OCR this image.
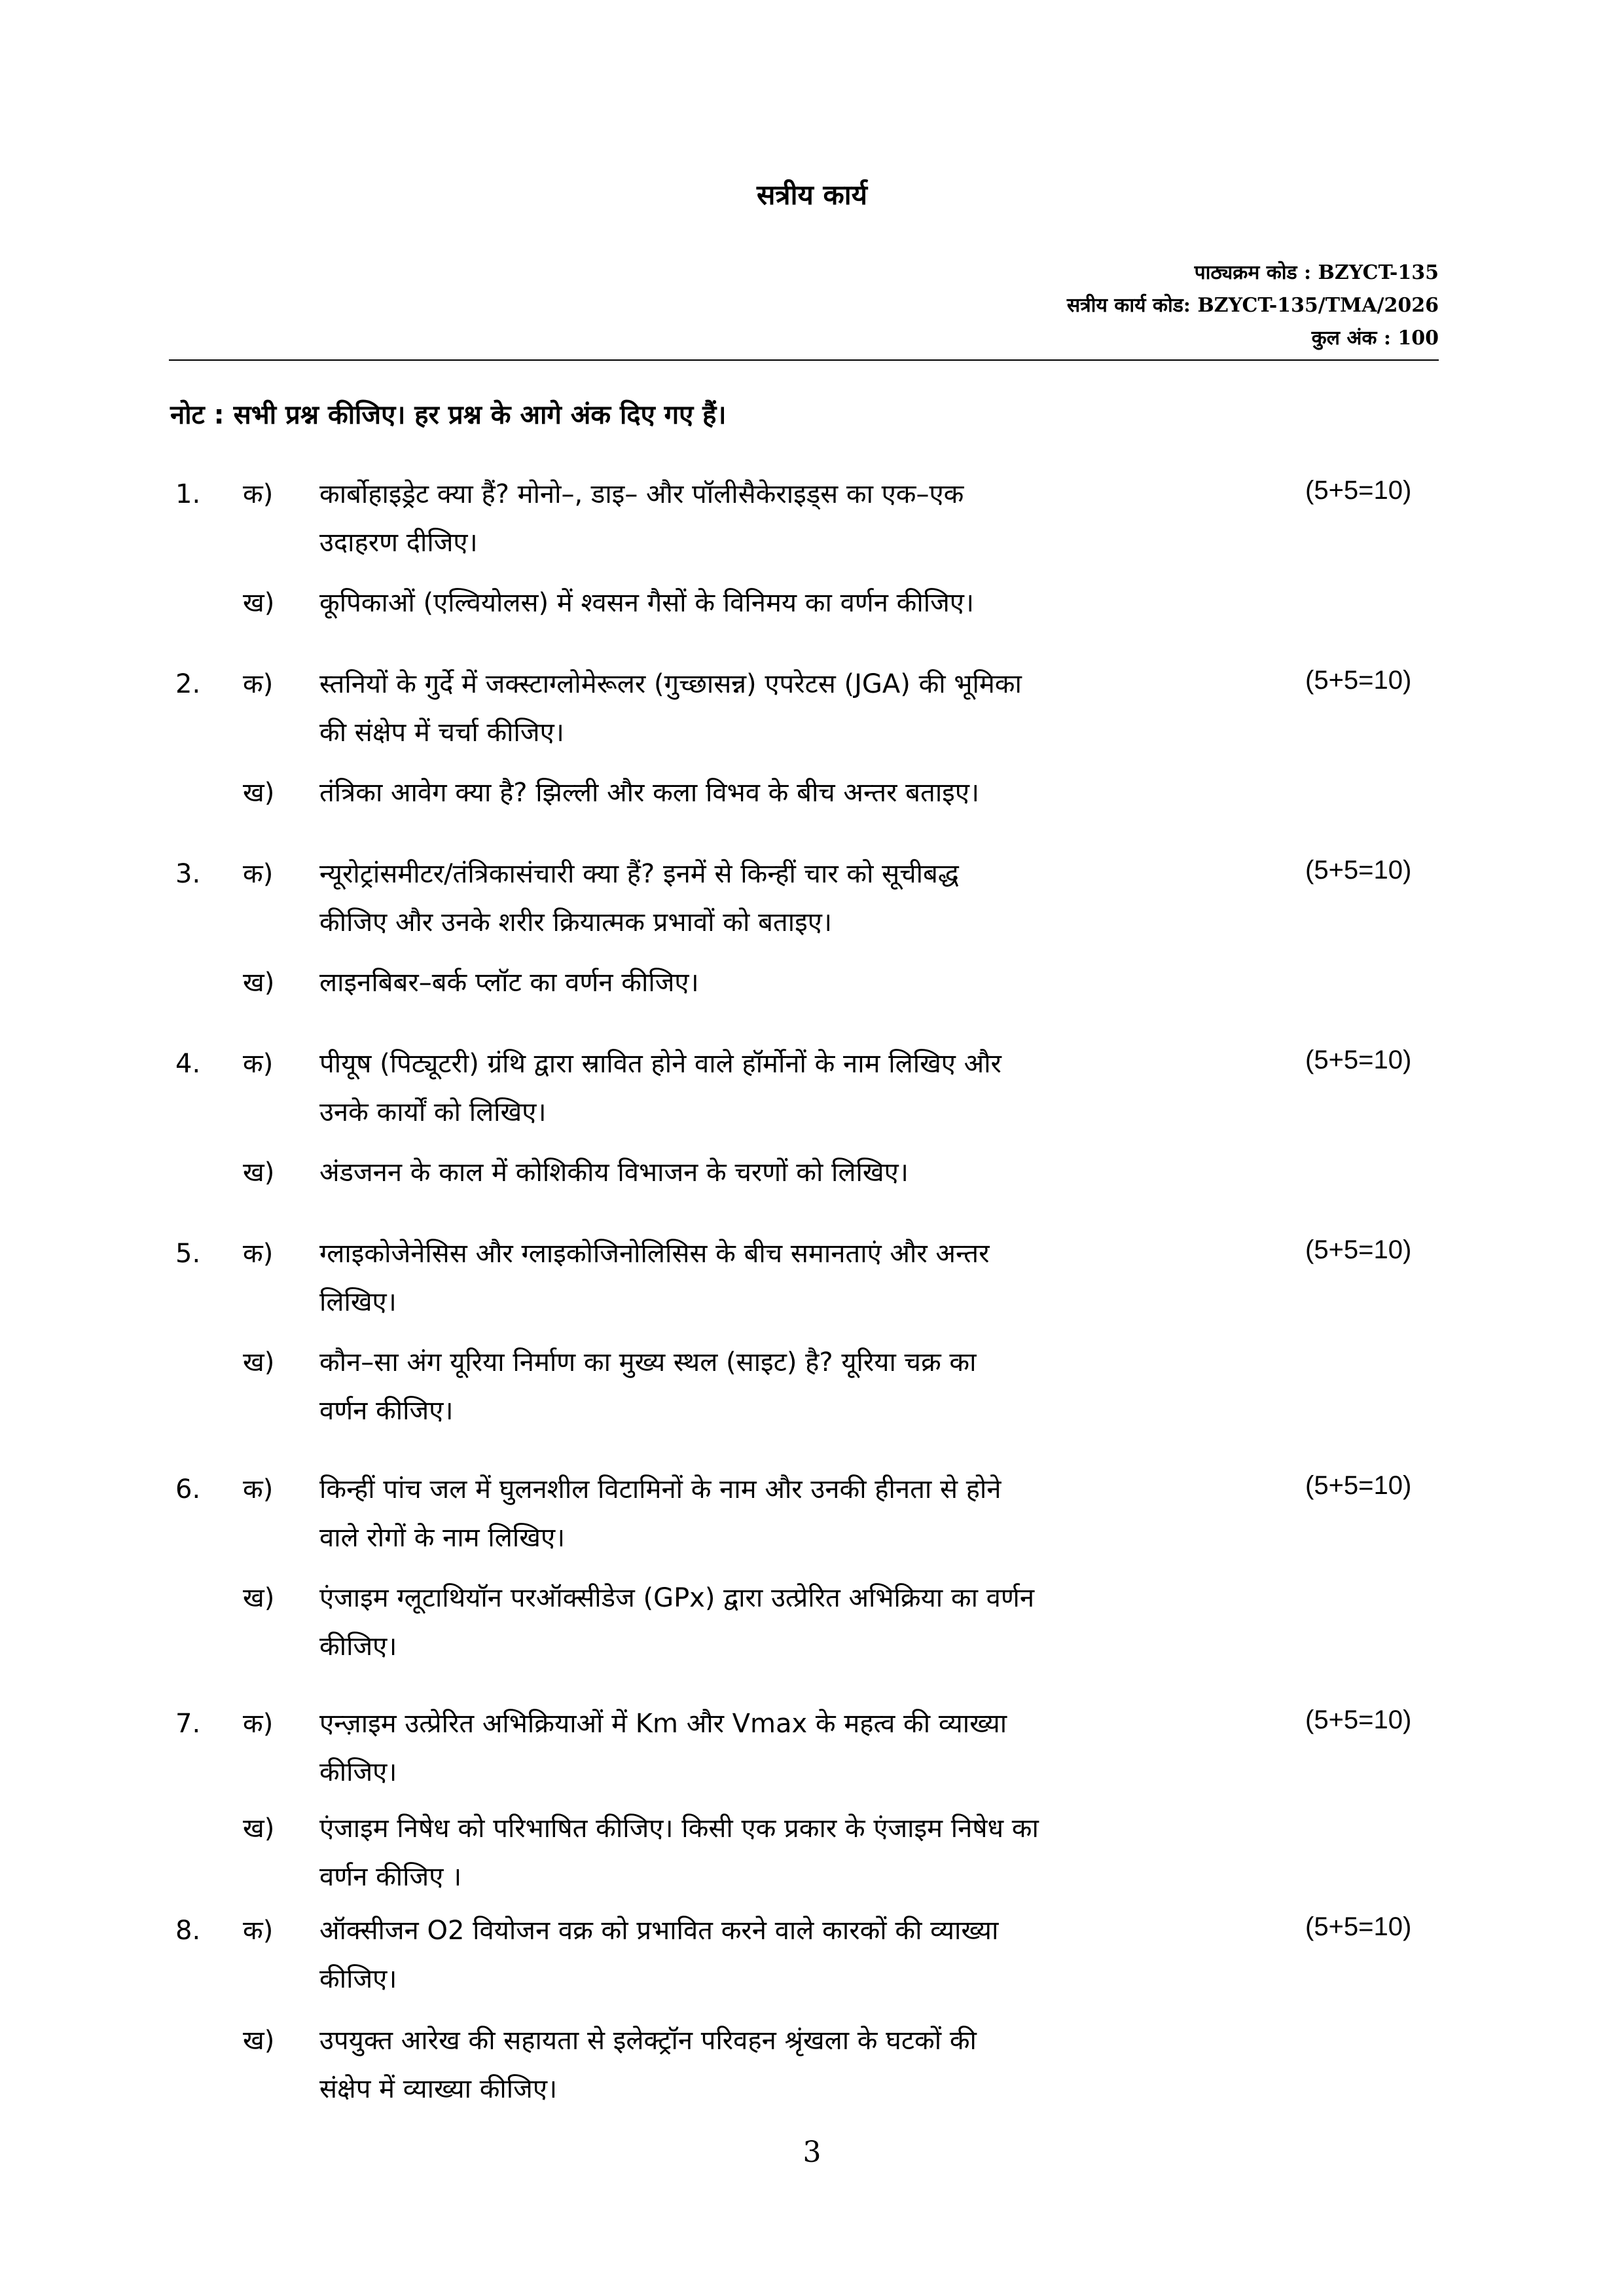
सत्रीय कार्य
पाठ्यक्रम कोड : BZYCT-135
सत्रीय कार्य कोड: BZYCT-135/TMA/2026
कुल अंक : 100
नोट : सभी प्रश्न कीजिए। हर प्रश्न के आगे अंक दिए गए हैं।
1. क) कार्बोहाइड्रेट क्या हैं? मोनो–, डाइ– और पॉलीसैकेराइड्स का एक–एक
उदाहरण दीजिए।
(5+5=10)
ख) कूपिकाओं (एल्वियोलस) में श्वसन गैसों के विनिमय का वर्णन कीजिए।
2. क) स्तनियों के गुर्दे में जक्स्टाग्लोमेरूलर (गुच्छासन्न) एपरेटस (JGA) की भूमिका
की संक्षेप में चर्चा कीजिए।
(5+5=10)
ख) तंत्रिका आवेग क्या है? झिल्ली और कला विभव के बीच अन्तर बताइए।
3. क) न्यूरोट्रांसमीटर/तंत्रिकासंचारी क्या हैं? इनमें से किन्हीं चार को सूचीबद्ध
कीजिए और उनके शरीर क्रियात्मक प्रभावों को बताइए।
(5+5=10)
ख) लाइनबिबर–बर्क प्लॉट का वर्णन कीजिए।
4. क) पीयूष (पिट्यूटरी) ग्रंथि द्वारा स्रावित होने वाले हॉर्मोनों के नाम लिखिए और
उनके कार्यों को लिखिए।
(5+5=10)
ख) अंडजनन के काल में कोशिकीय विभाजन के चरणों को लिखिए।
5. क) ग्लाइकोजेनेसिस और ग्लाइकोजिनोलिसिस के बीच समानताएं और अन्तर
लिखिए।
(5+5=10)
ख) कौन–सा अंग यूरिया निर्माण का मुख्य स्थल (साइट) है? यूरिया चक्र का
वर्णन कीजिए।
6. क) किन्हीं पांच जल में घुलनशील विटामिनों के नाम और उनकी हीनता से होने
वाले रोगों के नाम लिखिए।
(5+5=10)
ख) एंजाइम ग्लूटाथियॉन परऑक्सीडेज (GPx) द्वारा उत्प्रेरित अभिक्रिया का वर्णन
कीजिए।
7. क) एन्ज़ाइम उत्प्रेरित अभिक्रियाओं में Km और Vmax के महत्व की व्याख्या
कीजिए।
(5+5=10)
ख) एंजाइम निषेध को परिभाषित कीजिए। किसी एक प्रकार के एंजाइम निषेध का
वर्णन कीजिए ।
8. क) ऑक्सीजन O2 वियोजन वक्र को प्रभावित करने वाले कारकों की व्याख्या
कीजिए।
(5+5=10)
ख) उपयुक्त आरेख की सहायता से इलेक्ट्रॉन परिवहन श्रृंखला के घटकों की
संक्षेप में व्याख्या कीजिए।
3
